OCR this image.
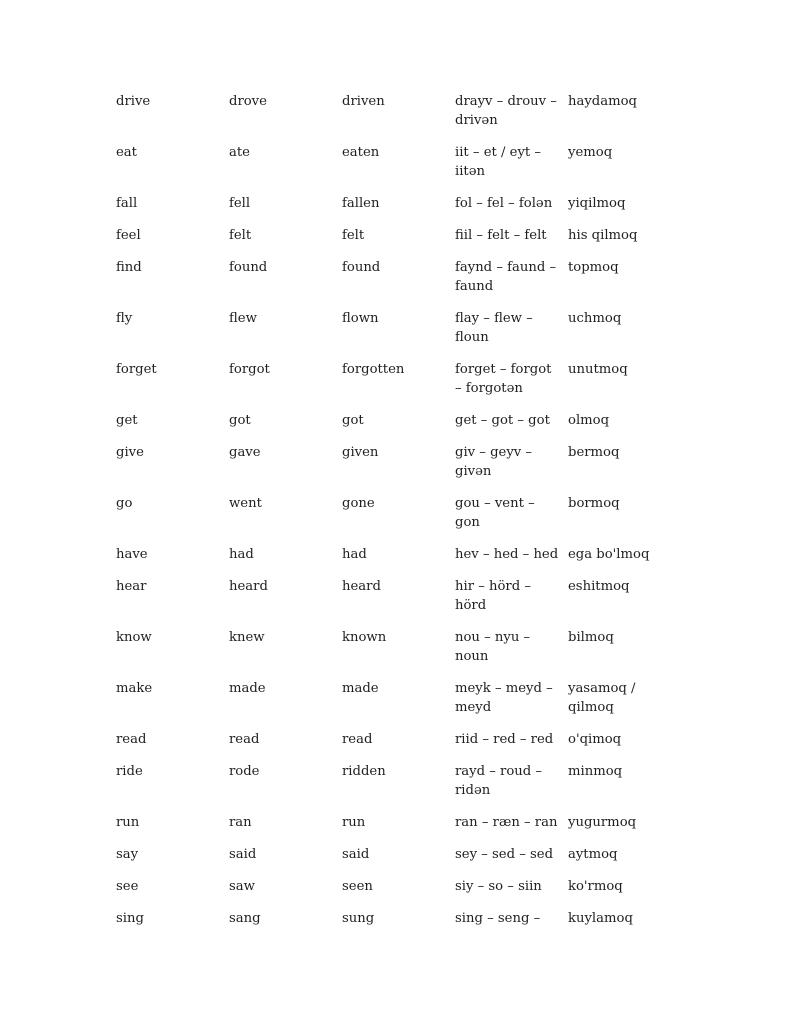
drive	drove	driven	drayv – drouv – drivən	haydamoq
eat	ate	eaten	iit – et / eyt – iitən	yemoq
fall	fell	fallen	fol – fel – folən	yiqilmoq
feel	felt	felt	fiil – felt – felt	his qilmoq
find	found	found	faynd – faund – faund	topmoq
fly	flew	flown	flay – flew – floun	uchmoq
forget	forgot	forgotten	forget – forgot – forgotən	unutmoq
get	got	got	get – got – got	olmoq
give	gave	given	giv – geyv – givən	bermoq
go	went	gone	gou – vent – gon	bormoq
have	had	had	hev – hed – hed	ega bo'lmoq
hear	heard	heard	hir – hörd – hörd	eshitmoq
know	knew	known	nou – nyu – noun	bilmoq
make	made	made	meyk – meyd – meyd	yasamoq / qilmoq
read	read	read	riid – red – red	o'qimoq
ride	rode	ridden	rayd – roud – ridən	minmoq
run	ran	run	ran – ræn – ran	yugurmoq
say	said	said	sey – sed – sed	aytmoq
see	saw	seen	siy – so – siin	ko'rmoq
sing	sang	sung	sing – seng –	kuylamoq
